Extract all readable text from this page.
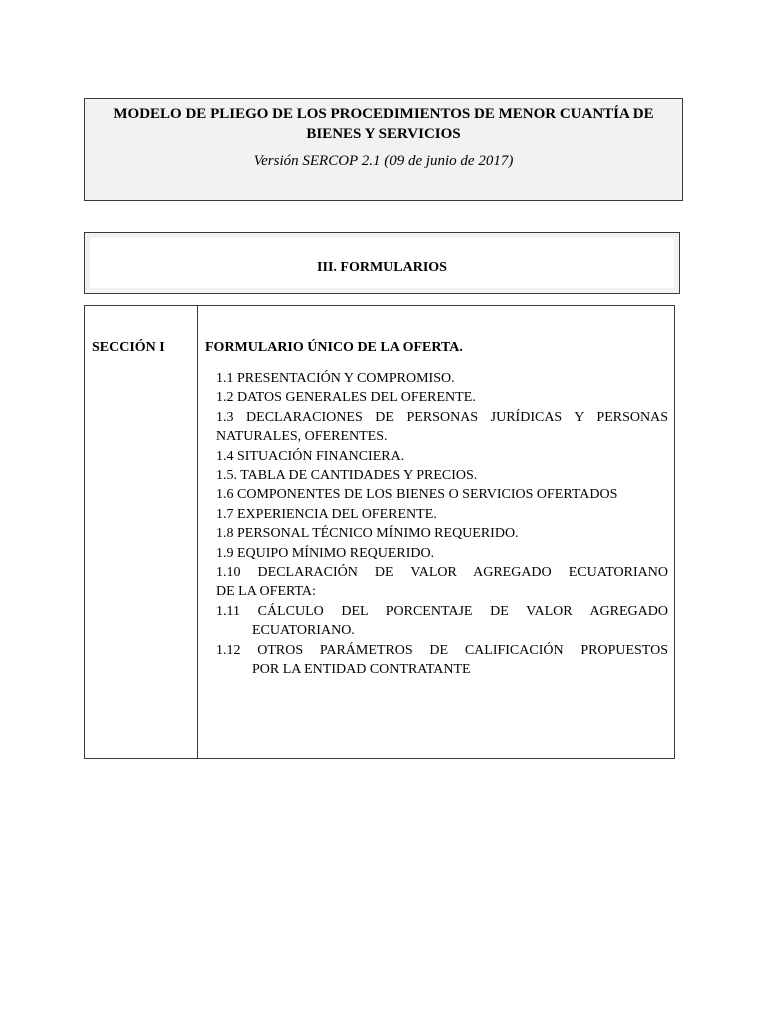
MODELO DE PLIEGO DE LOS PROCEDIMIENTOS DE MENOR CUANTÍA DE
BIENES Y SERVICIOS
Versión SERCOP 2.1 (09 de junio de 2017)
III. FORMULARIOS
SECCIÓN I	FORMULARIO ÚNICO DE LA OFERTA.
1.1 PRESENTACIÓN Y COMPROMISO.
1.2 DATOS GENERALES DEL OFERENTE.
1.3 DECLARACIONES DE PERSONAS JURÍDICAS Y PERSONAS
NATURALES, OFERENTES.
1.4 SITUACIÓN FINANCIERA.
1.5. TABLA DE CANTIDADES Y PRECIOS.
1.6 COMPONENTES DE LOS BIENES O SERVICIOS OFERTADOS
1.7 EXPERIENCIA DEL OFERENTE.
1.8 PERSONAL TÉCNICO MÍNIMO REQUERIDO.
1.9 EQUIPO MÍNIMO REQUERIDO.
1.10 DECLARACIÓN DE VALOR AGREGADO ECUATORIANO
DE LA OFERTA:
1.11 CÁLCULO DEL PORCENTAJE DE VALOR AGREGADO
ECUATORIANO.
1.12 OTROS PARÁMETROS DE CALIFICACIÓN PROPUESTOS
POR LA ENTIDAD CONTRATANTE
